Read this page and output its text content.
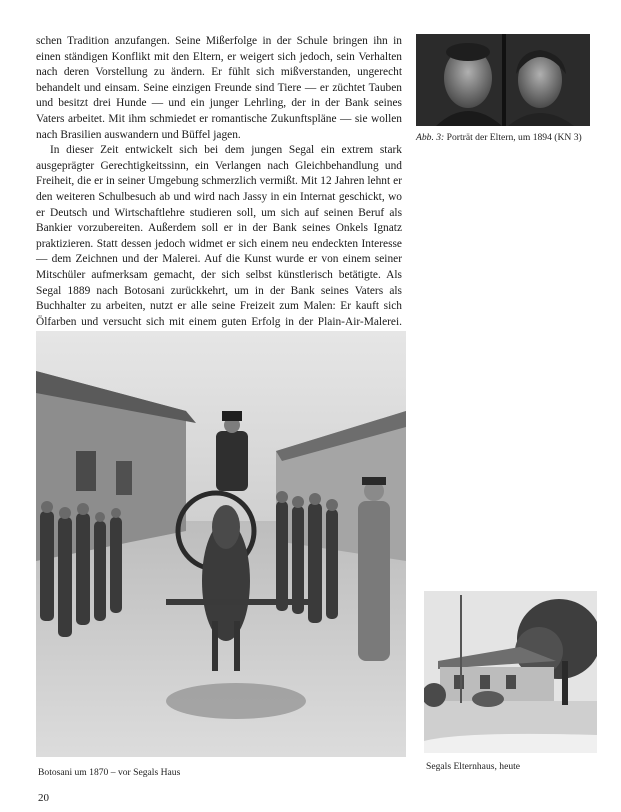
schen Tradition anzufangen. Seine Mißerfolge in der Schule bringen ihn in einen ständigen Konflikt mit den Eltern, er weigert sich jedoch, sein Verhalten nach deren Vorstellung zu ändern. Er fühlt sich mißverstanden, ungerecht behandelt und einsam. Seine einzigen Freunde sind Tiere — er züchtet Tauben und besitzt drei Hunde — und ein junger Lehrling, der in der Bank seines Vaters arbeitet. Mit ihm schmiedet er romantische Zukunftspläne — sie wollen nach Brasilien auswandern und Büffel jagen.

In dieser Zeit entwickelt sich bei dem jungen Segal ein extrem stark ausgeprägter Gerechtigkeitssinn, ein Verlangen nach Gleichbehandlung und Freiheit, die er in seiner Umgebung schmerzlich vermißt. Mit 12 Jahren lehnt er den weiteren Schulbesuch ab und wird nach Jassy in ein Internat geschickt, wo er Deutsch und Wirtschaftlehre studieren soll, um sich auf seinen Beruf als Bankier vorzubereiten. Außerdem soll er in der Bank seines Onkels Ignatz praktizieren. Statt dessen jedoch widmet er sich einem neu endeckten Interesse — dem Zeichnen und der Malerei. Auf die Kunst wurde er von einem seiner Mitschüler aufmerksam gemacht, der sich selbst künstlerisch betätigte. Als Segal 1889 nach Botosani zurückkehrt, um in der Bank seines Vaters als Buchhalter zu arbeiten, nutzt er alle seine Freizeit zum Malen: Er kauft sich Ölfarben und versucht sich mit einem guten Erfolg in der Plain-Air-Malerei.

Abb. 3: Porträt der Eltern, um 1894 (KN 3)
Botosani um 1870 – vor Segals Haus
Segals Elternhaus, heute
20
